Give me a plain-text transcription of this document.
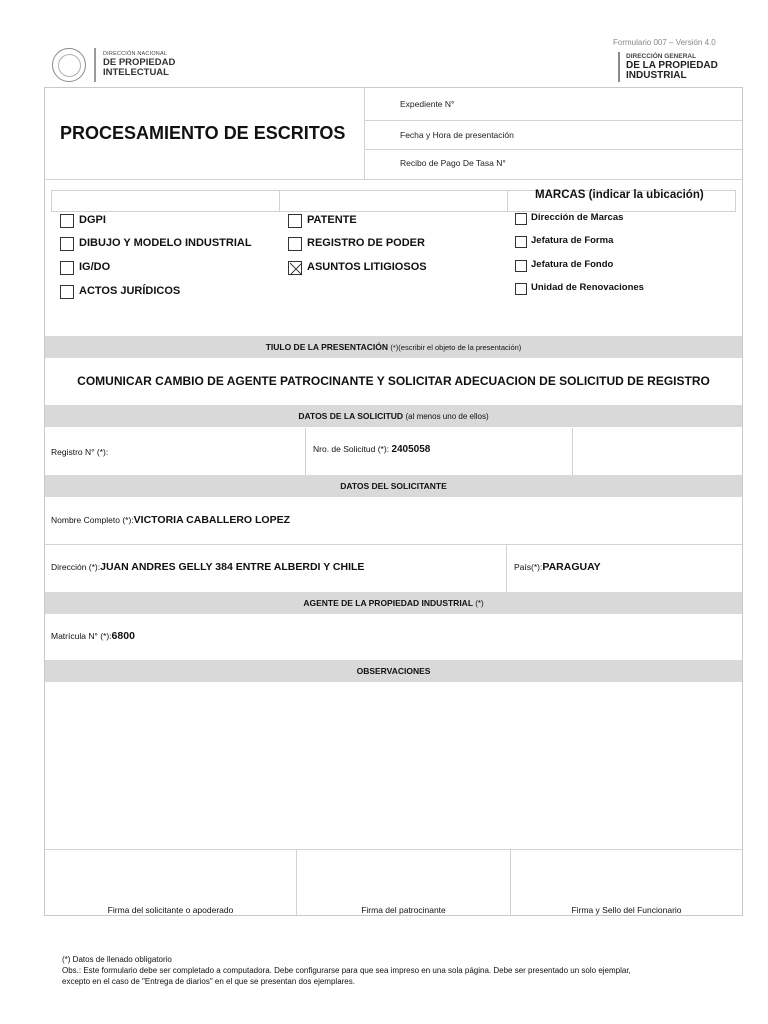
Formulario 007 – Versión 4.0
DIRECCIÓN NACIONAL
DE PROPIEDAD
INTELECTUAL
DIRECCIÓN GENERAL
DE LA PROPIEDAD
INDUSTRIAL
PROCESAMIENTO DE ESCRITOS
Expediente N°
Fecha y Hora de presentación
Recibo de Pago De Tasa N°
MARCAS (indicar la ubicación)
DGPI
DIBUJO Y MODELO INDUSTRIAL
IG/DO
ACTOS JURÍDICOS
PATENTE
REGISTRO DE PODER
ASUNTOS LITIGIOSOS
Dirección de Marcas
Jefatura de Forma
Jefatura de Fondo
Unidad de Renovaciones
TIULO DE LA PRESENTACIÓN (*)(escribir el objeto de la presentación)
COMUNICAR CAMBIO DE AGENTE PATROCINANTE Y SOLICITAR ADECUACION DE SOLICITUD DE REGISTRO
DATOS DE LA SOLICITUD (al menos uno de ellos)
Registro N° (*):	Nro. de Solicitud (*): 2405058
DATOS DEL SOLICITANTE
Nombre Completo (*):VICTORIA CABALLERO LOPEZ
Dirección (*):JUAN ANDRES GELLY 384 ENTRE ALBERDI Y CHILE	País(*):PARAGUAY
AGENTE DE LA PROPIEDAD INDUSTRIAL (*)
Matrícula N° (*):6800
OBSERVACIONES
Firma del solicitante o apoderado	Firma del patrocinante	Firma y Sello del Funcionario
(*) Datos de llenado obligatorio
Obs.: Este formulario debe ser completado a computadora. Debe configurarse para que sea impreso en una sola página. Debe ser presentado un solo ejemplar,
excepto en el caso de "Entrega de diarios" en el que se presentan dos ejemplares.
